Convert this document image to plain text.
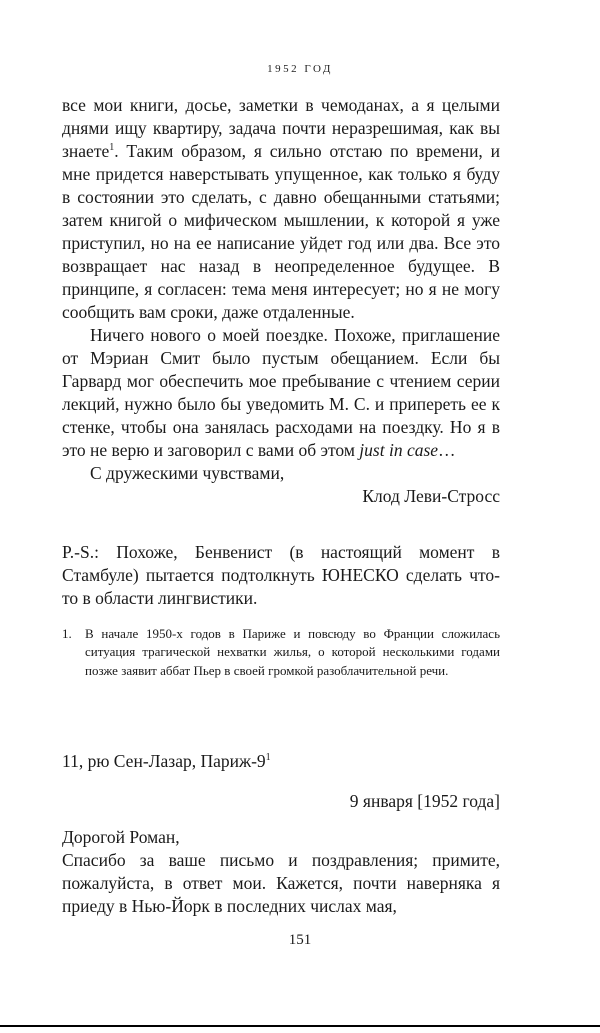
1952 ГОД

все мои книги, досье, заметки в чемоданах, а я целыми днями ищу квартиру, задача почти неразрешимая, как вы знаете$^1$. Таким образом, я сильно отстаю по времени, и мне придется наверстывать упущенное, как только я буду в состоянии это сделать, с давно обещанными статьями; затем книгой о мифическом мышлении, к которой я уже приступил, но на ее написание уйдет год или два. Все это возвращает нас назад в неопределенное будущее. В принципе, я согласен: тема меня интересует; но я не могу сообщить вам сроки, даже отдаленные.

Ничего нового о моей поездке. Похоже, приглашение от Мэриан Смит было пустым обещанием. Если бы Гарвард мог обеспечить мое пребывание с чтением серии лекций, нужно было бы уведомить М. С. и припереть ее к стенке, чтобы она занялась расходами на поездку. Но я в это не верю и заговорил с вами об этом just in case…

С дружескими чувствами,

Клод Леви-Стросс

P.-S.: Похоже, Бенвенист (в настоящий момент в Стамбуле) пытается подтолкнуть ЮНЕСКО сделать что-то в области лингвистики.

1. В начале 1950-х годов в Париже и повсюду во Франции сложилась ситуация трагической нехватки жилья, о которой несколькими годами позже заявит аббат Пьер в своей громкой разоблачительной речи.

11, рю Сен-Лазар, Париж-$9^1$

9 января [1952 года]

Дорогой Роман,

Спасибо за ваше письмо и поздравления; примите, пожалуйста, в ответ мои. Кажется, почти наверняка я приеду в Нью-Йорк в последних числах мая,

151
